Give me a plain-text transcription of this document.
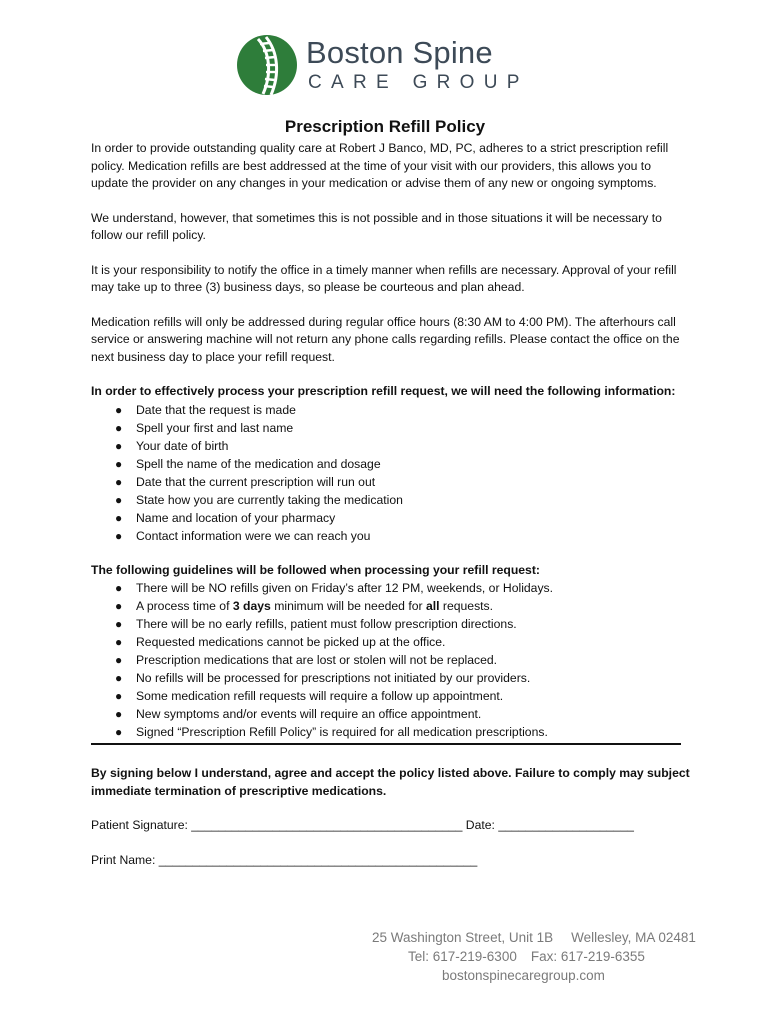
Boston Spine
CARE GROUP
Prescription Refill Policy

In order to provide outstanding quality care at Robert J Banco, MD, PC, adheres to a strict prescription refill policy. Medication refills are best addressed at the time of your visit with our providers, this allows you to update the provider on any changes in your medication or advise them of any new or ongoing symptoms.

We understand, however, that sometimes this is not possible and in those situations it will be necessary to follow our refill policy.

It is your responsibility to notify the office in a timely manner when refills are necessary. Approval of your refill may take up to three (3) business days, so please be courteous and plan ahead.

Medication refills will only be addressed during regular office hours (8:30 AM to 4:00 PM). The afterhours call service or answering machine will not return any phone calls regarding refills. Please contact the office on the next business day to place your refill request.

In order to effectively process your prescription refill request, we will need the following information:
● Date that the request is made
● Spell your first and last name
● Your date of birth
● Spell the name of the medication and dosage
● Date that the current prescription will run out
● State how you are currently taking the medication
● Name and location of your pharmacy
● Contact information were we can reach you
The following guidelines will be followed when processing your refill request:
● There will be NO refills given on Friday’s after 12 PM, weekends, or Holidays.
● A process time of 3 days minimum will be needed for all requests.
● There will be no early refills, patient must follow prescription directions.
● Requested medications cannot be picked up at the office.
● Prescription medications that are lost or stolen will not be replaced.
● No refills will be processed for prescriptions not initiated by our providers.
● Some medication refill requests will require a follow up appointment.
● New symptoms and/or events will require an office appointment.
● Signed “Prescription Refill Policy” is required for all medication prescriptions.

By signing below I understand, agree and accept the policy listed above. Failure to comply may subject immediate termination of prescriptive medications.

Patient Signature: ________________________________________ Date: ____________________
Print Name: _______________________________________________
25 Washington Street, Unit 1B Wellesley, MA 02481
Tel: 617-219-6300 Fax: 617-219-6355
bostonspinecaregroup.com
